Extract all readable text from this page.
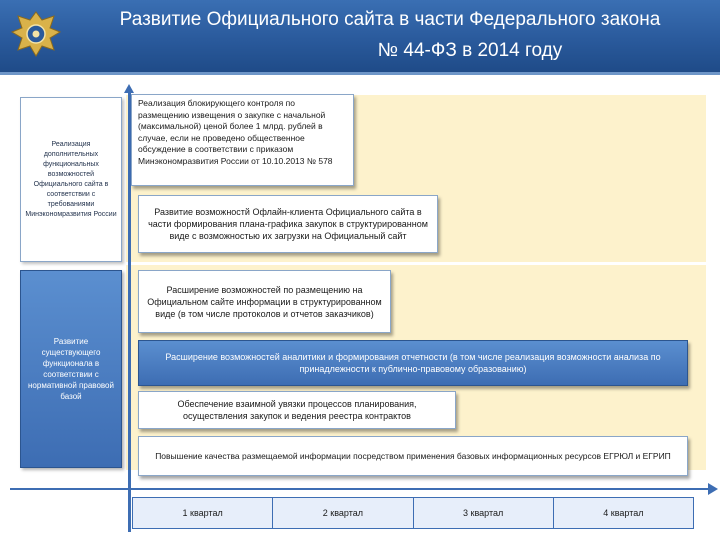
Развитие Официального сайта в части Федерального закона
№ 44-ФЗ в 2014 году
Реализация дополнительных функциональных возможностей Официального сайта в соответствии с требованиями Минэкономразвития России
Развитие существующего функционала в соответствии с нормативной правовой базой
Реализация блокирующего контроля по размещению извещения о закупке с начальной (максимальной) ценой более 1 млрд. рублей в случае, если не проведено общественное обсуждение в соответствии с приказом Минэкономразвития России от 10.10.2013 № 578
Развитие возможностй Офлайн-клиента Официального сайта в части формирования плана-графика закупок в структурированном виде с возможностью их загрузки на Официальный сайт
Расширение возможностей по размещению на Официальном сайте информации в структурированном виде (в том числе протоколов и отчетов заказчиков)
Расширение возможностей аналитики и формирования отчетности (в том числе реализация возможности анализа по принадлежности к публично-правовому образованию)
Обеспечение взаимной увязки процессов планирования, осуществления закупок и ведения реестра контрактов
Повышение качества размещаемой информации посредством применения базовых информационных ресурсов ЕГРЮЛ и ЕГРИП
1 квартал	2 квартал	3 квартал	4 квартал
